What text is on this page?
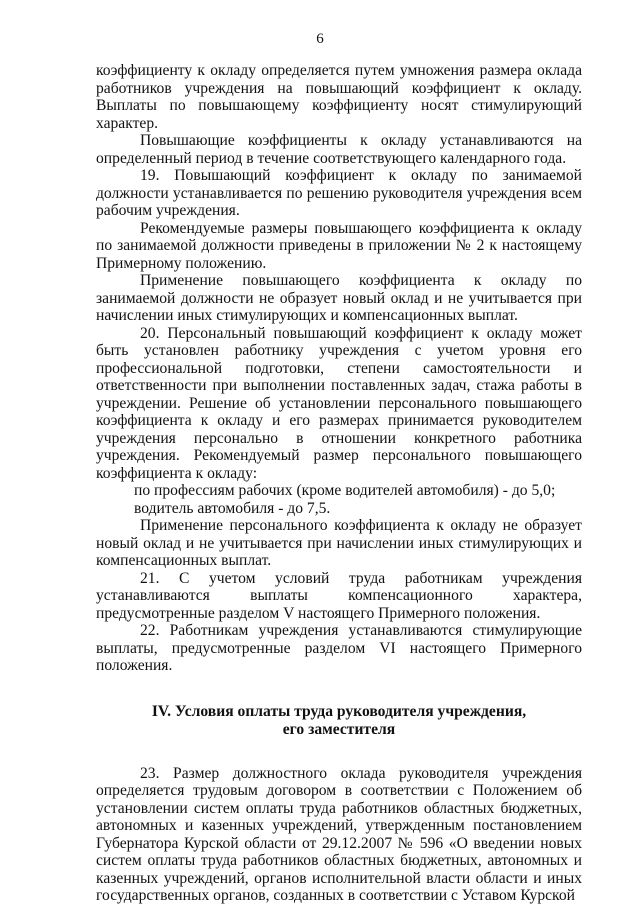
6

коэффициенту к окладу определяется путем умножения размера оклада работников учреждения на повышающий коэффициент к окладу. Выплаты по повышающему коэффициенту носят стимулирующий характер.

Повышающие коэффициенты к окладу устанавливаются на определенный период в течение соответствующего календарного года.

19. Повышающий коэффициент к окладу по занимаемой должности устанавливается по решению руководителя учреждения всем рабочим учреждения.

Рекомендуемые размеры повышающего коэффициента к окладу по занимаемой должности приведены в приложении № 2 к настоящему Примерному положению.

Применение повышающего коэффициента к окладу по занимаемой должности не образует новый оклад и не учитывается при начислении иных стимулирующих и компенсационных выплат.

20. Персональный повышающий коэффициент к окладу может быть установлен работнику учреждения с учетом уровня его профессиональной подготовки, степени самостоятельности и ответственности при выполнении поставленных задач, стажа работы в учреждении. Решение об установлении персонального повышающего коэффициента к окладу и его размерах принимается руководителем учреждения персонально в отношении конкретного работника учреждения. Рекомендуемый размер персонального повышающего коэффициента к окладу:

по профессиям рабочих (кроме водителей автомобиля) - до 5,0;

водитель автомобиля - до 7,5.

Применение персонального коэффициента к окладу не образует новый оклад и не учитывается при начислении иных стимулирующих и компенсационных выплат.

21. С учетом условий труда работникам учреждения устанавливаются выплаты компенсационного характера, предусмотренные разделом V настоящего Примерного положения.

22. Работникам учреждения устанавливаются стимулирующие выплаты, предусмотренные разделом VI настоящего Примерного положения.

IV. Условия оплаты труда руководителя учреждения,
его заместителя

23. Размер должностного оклада руководителя учреждения определяется трудовым договором в соответствии с Положением об установлении систем оплаты труда работников областных бюджетных, автономных и казенных учреждений, утвержденным постановлением Губернатора Курской области от 29.12.2007 № 596 «О введении новых систем оплаты труда работников областных бюджетных, автономных и казенных учреждений, органов исполнительной власти области и иных государственных органов, созданных в соответствии с Уставом Курской
